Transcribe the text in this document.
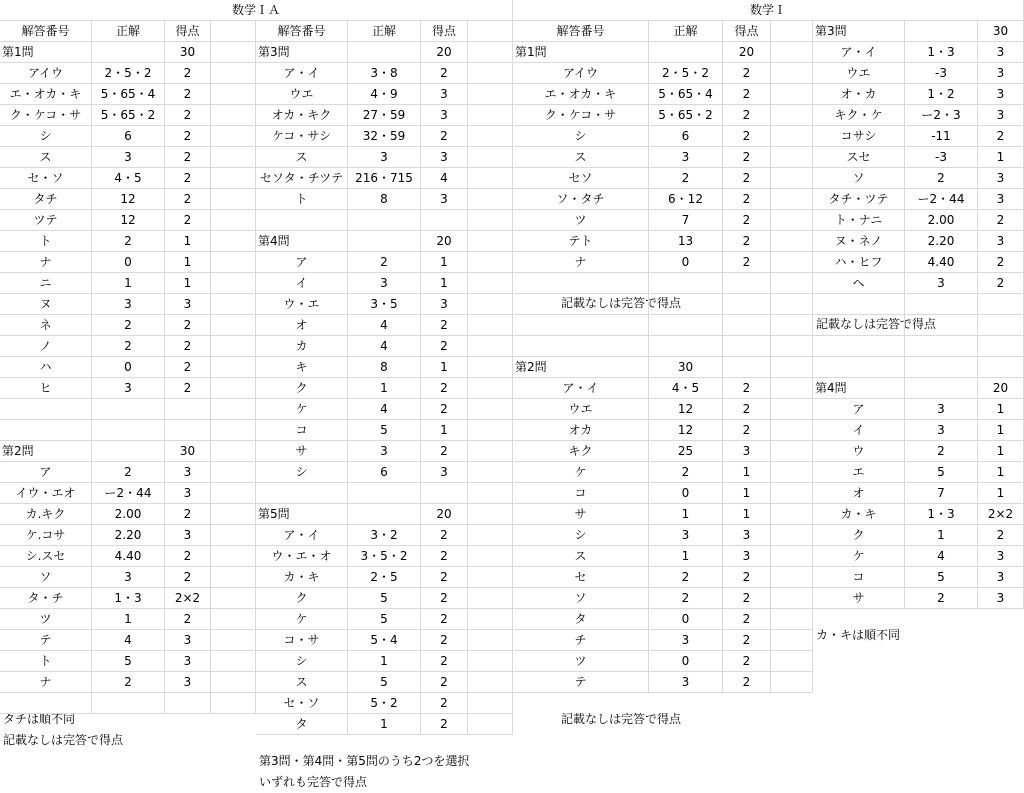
数学ＩＡ	数学Ｉ
タチは順不同
記載なしは完答で得点
第3問・第4問・第5問のうち2つを選択
いずれも完答で得点
記載なしは完答で得点
記載なしは完答で得点
記載なしは完答で得点
カ・キは順不同
解答番号	正解	得点
第1問	30
アイウ	2・5・2	2
エ・オカ・キ	5・65・4	2
ク・ケコ・サ	5・65・2	2
シ	6	2
ス	3	2
セ・ソ	4・5	2
タチ	12	2
ツテ	12	2
ト	2	1
ナ	0	1
ニ	1	1
ヌ	3	3
ネ	2	2
ノ	2	2
ハ	0	2
ヒ	3	2
第2問	30
ア	2	3
イウ・エオ	ー2・44	3
カ.キク	2.00	2
ケ.コサ	2.20	3
シ.スセ	4.40	2
ソ	3	2
タ・チ	1・3	2×2
ツ	1	2
テ	4	3
ト	5	3
ナ	2	3
解答番号	正解	得点
第3問	20
ア・イ	3・8	2
ウエ	4・9	3
オカ・キク	27・59	3
ケコ・サシ	32・59	2
ス	3	3
セソタ・チツテ	216・715	4
ト	8	3
第4問	20
ア	2	1
イ	3	1
ウ・エ	3・5	3
オ	4	2
カ	4	2
キ	8	1
ク	1	2
ケ	4	2
コ	5	1
サ	3	2
シ	6	3
第5問	20
ア・イ	3・2	2
ウ・エ・オ	3・5・2	2
カ・キ	2・5	2
ク	5	2
ケ	5	2
コ・サ	5・4	2
シ	1	2
ス	5	2
セ・ソ	5・2	2
タ	1	2
解答番号	正解	得点
第1問	20
アイウ	2・5・2	2
エ・オカ・キ	5・65・4	2
ク・ケコ・サ	5・65・2	2
シ	6	2
ス	3	2
セソ	2	2
ソ・タチ	6・12	2
ツ	7	2
テト	13	2
ナ	0	2
第2問	30
ア・イ	4・5	2
ウエ	12	2
オカ	12	2
キク	25	3
ケ	2	1
コ	0	1
サ	1	1
シ	3	3
ス	1	3
セ	2	2
ソ	2	2
タ	0	2
チ	3	2
ツ	0	2
テ	3	2
第3問	30
ア・イ	1・3	3
ウエ	-3	3
オ・カ	1・2	3
キク・ケ	ー2・3	3
コサシ	-11	2
スセ	-3	1
ソ	2	3
タチ・ツテ	ー2・44	3
ト・ナニ	2.00	2
ヌ・ネノ	2.20	3
ハ・ヒフ	4.40	2
ヘ	3	2
第4問	20
ア	3	1
イ	3	1
ウ	2	1
エ	5	1
オ	7	1
カ・キ	1・3	2×2
ク	1	2
ケ	4	3
コ	5	3
サ	2	3
